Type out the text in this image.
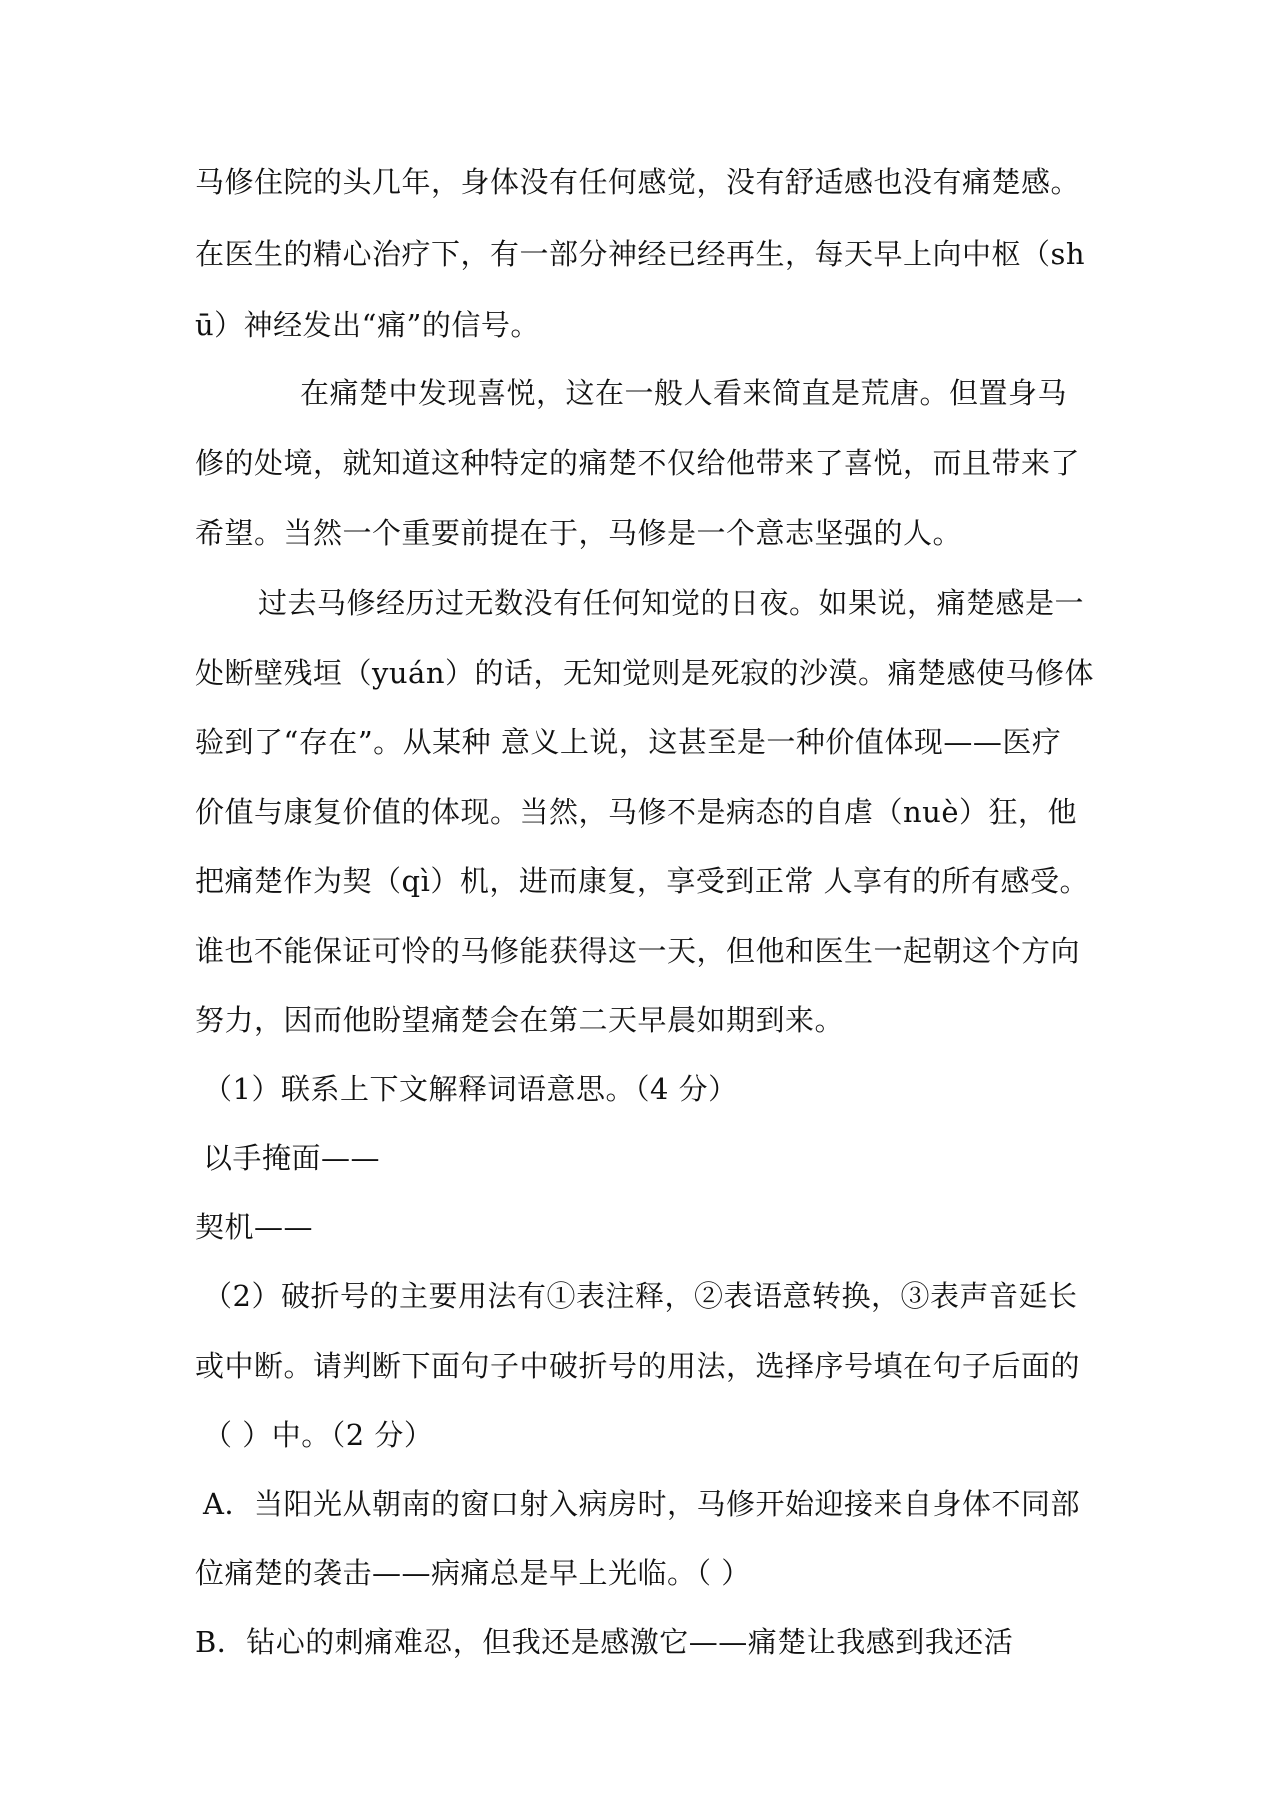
马修住院的头几年，身体没有任何感觉，没有舒适感也没有痛楚感。
在医生的精心治疗下，有一部分神经已经再生，每天早上向中枢（sh
ū）神经发出“痛”的信号。
在痛楚中发现喜悦，这在一般人看来简直是荒唐。但置身马
修的处境，就知道这种特定的痛楚不仅给他带来了喜悦，而且带来了
希望。当然一个重要前提在于，马修是一个意志坚强的人。
过去马修经历过无数没有任何知觉的日夜。如果说，痛楚感是一
处断壁残垣（yuán）的话，无知觉则是死寂的沙漠。痛楚感使马修体
验到了“存在”。从某种 意义上说，这甚至是一种价值体现——医疗
价值与康复价值的体现。当然，马修不是病态的自虐（nuè）狂，他
把痛楚作为契（qì）机，进而康复，享受到正常 人享有的所有感受。
谁也不能保证可怜的马修能获得这一天，但他和医生一起朝这个方向
努力，因而他盼望痛楚会在第二天早晨如期到来。
（1）联系上下文解释词语意思。（4 分）
以手掩面——
契机——
（2）破折号的主要用法有①表注释，②表语意转换，③表声音延长
或中断。请判断下面句子中破折号的用法，选择序号填在句子后面的
（ ）中。（2 分）
A．当阳光从朝南的窗口射入病房时，马修开始迎接来自身体不同部
位痛楚的袭击——病痛总是早上光临。（ ）
B．钻心的刺痛难忍，但我还是感激它——痛楚让我感到我还活
